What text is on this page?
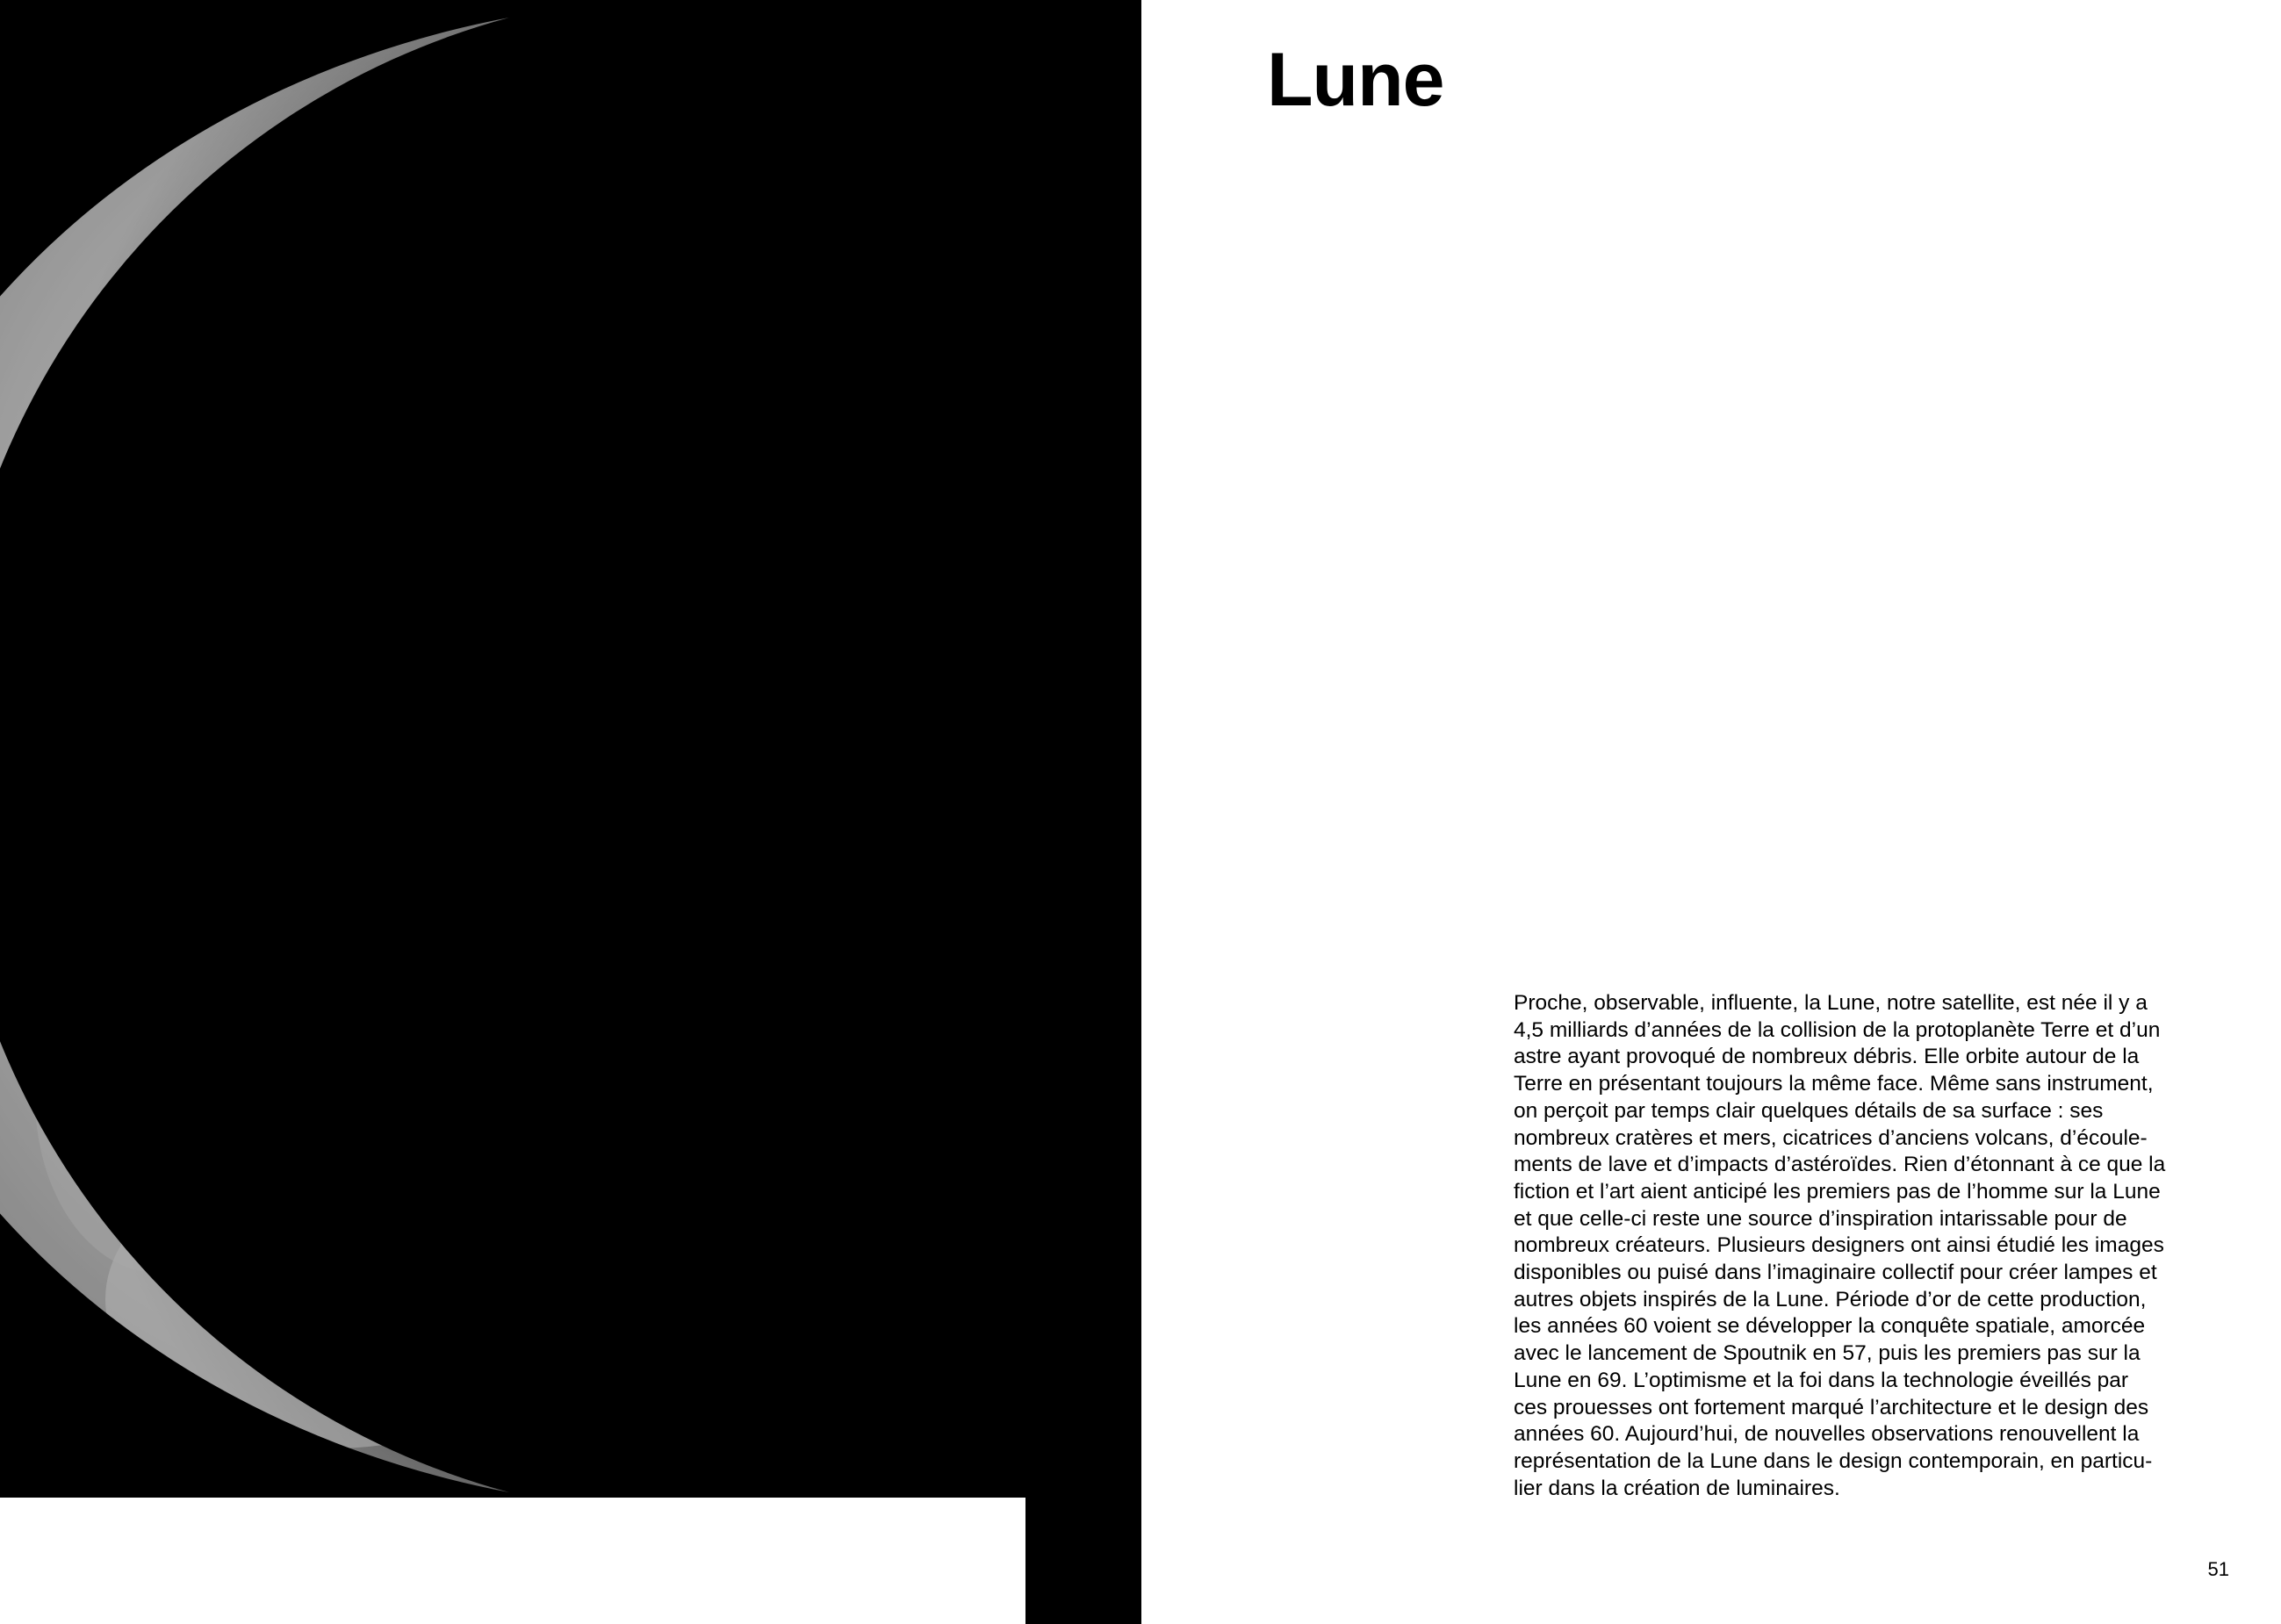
Lune

Proche, observable, influente, la Lune, notre satellite, est née il y a
4,5 milliards d’années de la collision de la protoplanète Terre et d’un
astre ayant provoqué de nombreux débris. Elle orbite autour de la
Terre en présentant toujours la même face. Même sans instrument,
on perçoit par temps clair quelques détails de sa surface : ses
nombreux cratères et mers, cicatrices d’anciens volcans, d’écoule-
ments de lave et d’impacts d’astéroïdes. Rien d’étonnant à ce que la
fiction et l’art aient anticipé les premiers pas de l’homme sur la Lune
et que celle-ci reste une source d’inspiration intarissable pour de
nombreux créateurs. Plusieurs designers ont ainsi étudié les images
disponibles ou puisé dans l’imaginaire collectif pour créer lampes et
autres objets inspirés de la Lune. Période d’or de cette production,
les années 60 voient se développer la conquête spatiale, amorcée
avec le lancement de Spoutnik en 57, puis les premiers pas sur la
Lune en 69. L’optimisme et la foi dans la technologie éveillés par
ces prouesses ont fortement marqué l’architecture et le design des
années 60. Aujourd’hui, de nouvelles observations renouvellent la
représentation de la Lune dans le design contemporain, en particu-
lier dans la création de luminaires.

51
